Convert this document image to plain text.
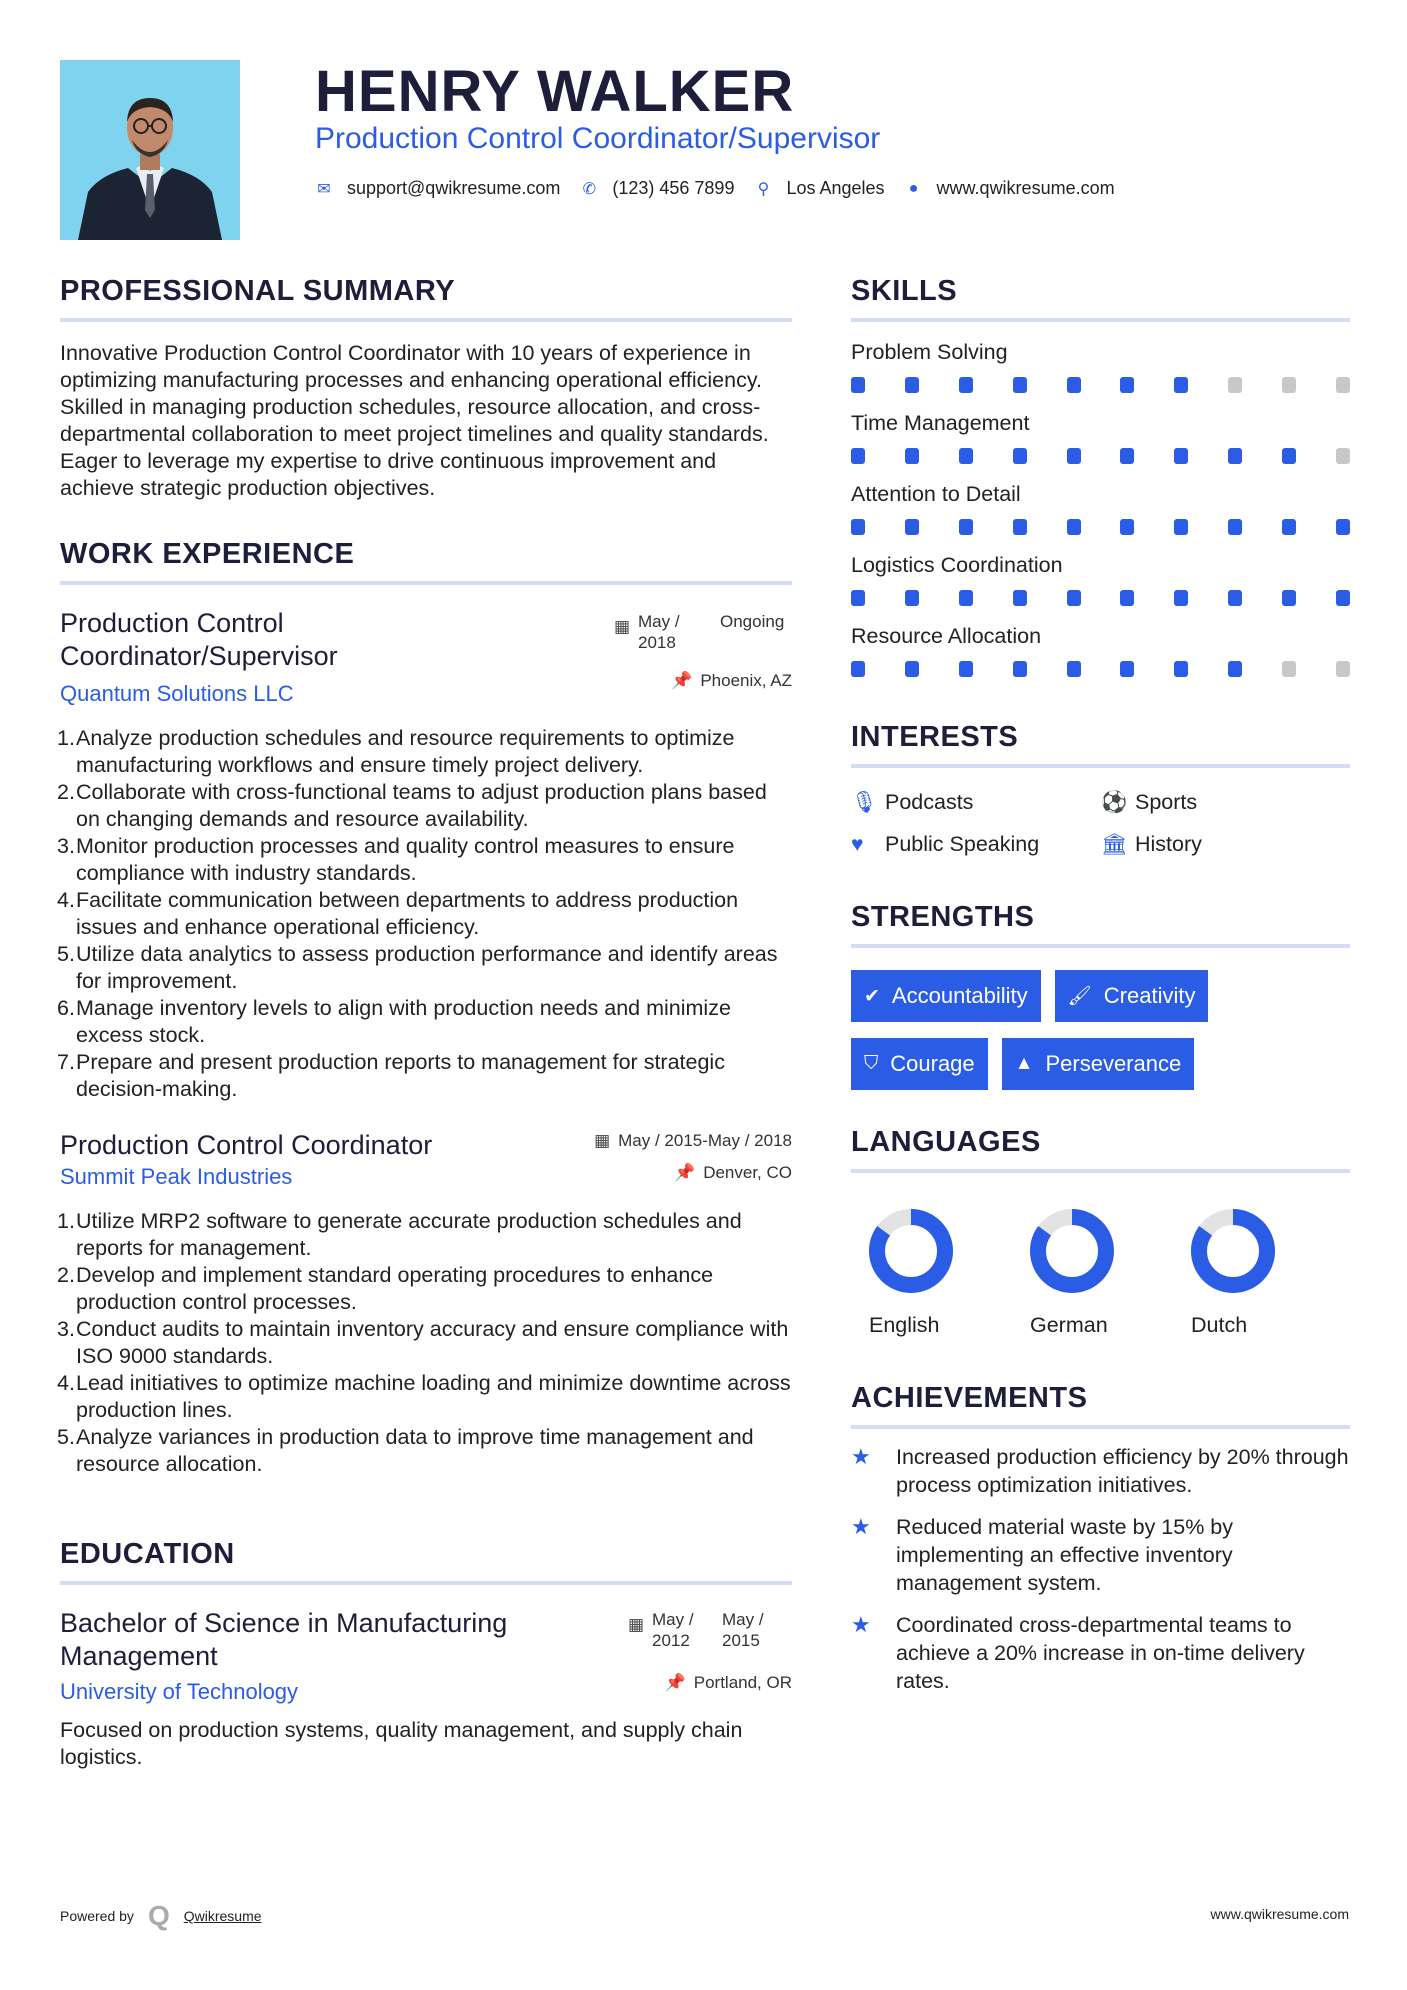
HENRY WALKER
Production Control Coordinator/Supervisor
✉ support@qwikresume.com ✆ (123) 456 7899 ⚲ Los Angeles ● www.qwikresume.com
PROFESSIONAL SUMMARY
Innovative Production Control Coordinator with 10 years of experience in optimizing manufacturing processes and enhancing operational efficiency. Skilled in managing production schedules, resource allocation, and cross-departmental collaboration to meet project timelines and quality standards. Eager to leverage my expertise to drive continuous improvement and achieve strategic production objectives.
WORK EXPERIENCE
Production Control Coordinator/Supervisor
Quantum Solutions LLC
▦ May / 2018
Ongoing
📌 Phoenix, AZ
1. Analyze production schedules and resource requirements to optimize manufacturing workflows and ensure timely project delivery.
2. Collaborate with cross-functional teams to adjust production plans based on changing demands and resource availability.
3. Monitor production processes and quality control measures to ensure compliance with industry standards.
4. Facilitate communication between departments to address production issues and enhance operational efficiency.
5. Utilize data analytics to assess production performance and identify areas for improvement.
6. Manage inventory levels to align with production needs and minimize excess stock.
7. Prepare and present production reports to management for strategic decision-making.
Production Control Coordinator
Summit Peak Industries
▦ May / 2015-May / 2018
📌 Denver, CO
1. Utilize MRP2 software to generate accurate production schedules and reports for management.
2. Develop and implement standard operating procedures to enhance production control processes.
3. Conduct audits to maintain inventory accuracy and ensure compliance with ISO 9000 standards.
4. Lead initiatives to optimize machine loading and minimize downtime across production lines.
5. Analyze variances in production data to improve time management and resource allocation.
EDUCATION
Bachelor of Science in Manufacturing Management
University of Technology
▦ May / 2012
May / 2015
📌 Portland, OR
Focused on production systems, quality management, and supply chain logistics.
SKILLS
Problem Solving
Time Management
Attention to Detail
Logistics Coordination
Resource Allocation
INTERESTS
🎙 Podcasts	⚽ Sports
♥	Public Speaking	🏛 History
STRENGTHS
✔ Accountability 🖌 Creativity
⛉ Courage ▲ Perseverance
LANGUAGES
English	German	Dutch
ACHIEVEMENTS
★	Increased production efficiency by 20% through process optimization initiatives.
★	Reduced material waste by 15% by implementing an effective inventory management system.
★	Coordinated cross-departmental teams to achieve a 20% increase in on-time delivery rates.
Powered by Q Qwikresume	www.qwikresume.com
